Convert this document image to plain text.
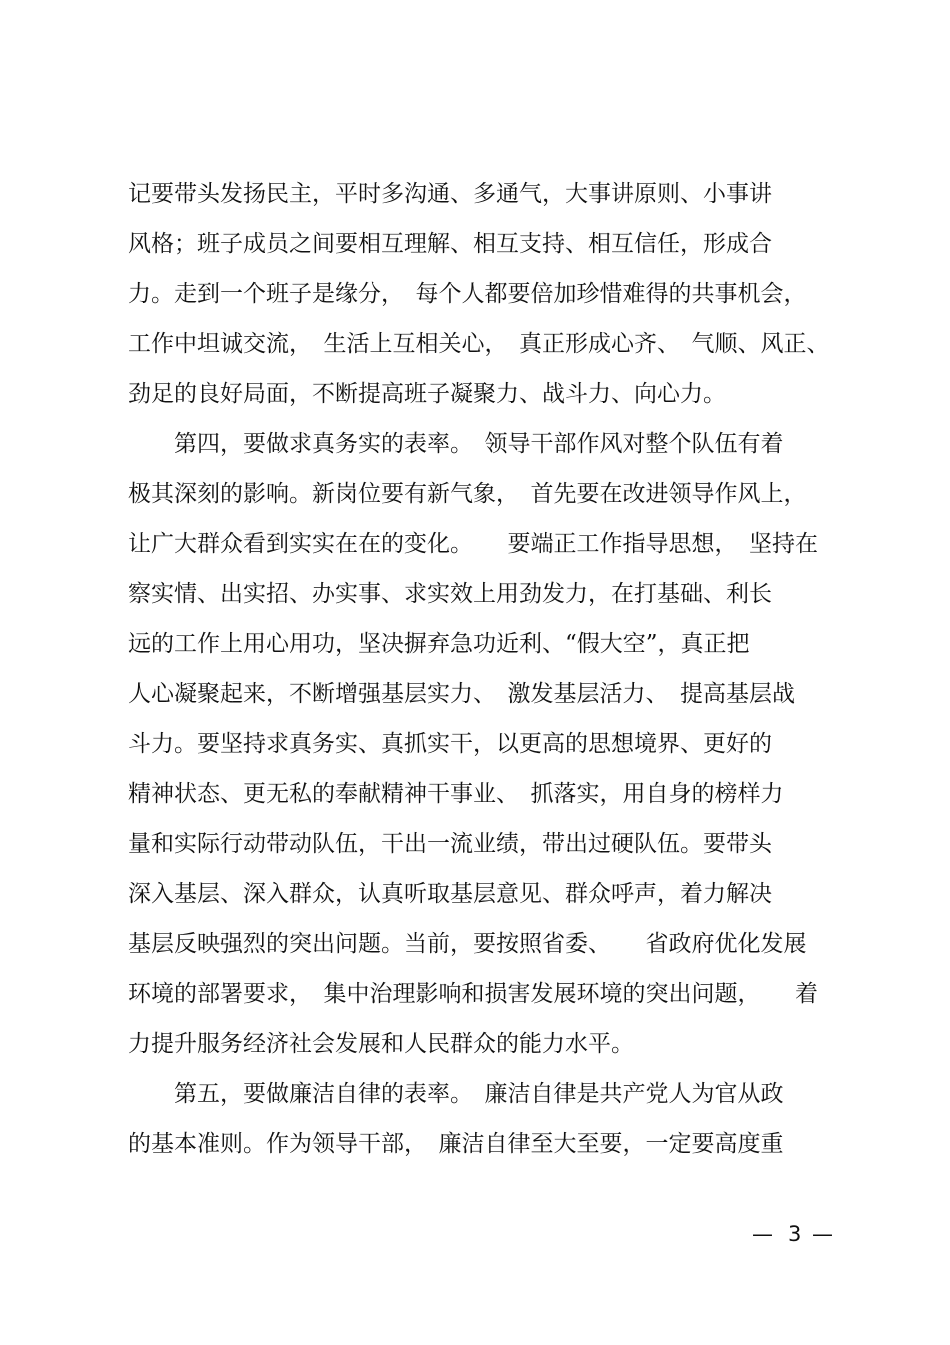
记要带头发扬民主，平时多沟通、多通气，大事讲原则、小事讲
风格；班子成员之间要相互理解、相互支持、相互信任，形成合
力。走到一个班子是缘分，　每个人都要倍加珍惜难得的共事机会，
工作中坦诚交流，　生活上互相关心，　真正形成心齐、　气顺、风正、
劲足的良好局面，不断提高班子凝聚力、战斗力、向心力。
　　第四，要做求真务实的表率。　领导干部作风对整个队伍有着
极其深刻的影响。新岗位要有新气象，　首先要在改进领导作风上，
让广大群众看到实实在在的变化。　　要端正工作指导思想，　坚持在
察实情、出实招、办实事、求实效上用劲发力，在打基础、利长
远的工作上用心用功，坚决摒弃急功近利、“假大空”，真正把
人心凝聚起来，不断增强基层实力、　激发基层活力、　提高基层战
斗力。要坚持求真务实、真抓实干，以更高的思想境界、更好的
精神状态、更无私的奉献精神干事业、　抓落实，用自身的榜样力
量和实际行动带动队伍，干出一流业绩，带出过硬队伍。要带头
深入基层、深入群众，认真听取基层意见、群众呼声，着力解决
基层反映强烈的突出问题。当前，要按照省委、　　省政府优化发展
环境的部署要求，　集中治理影响和损害发展环境的突出问题，　　着
力提升服务经济社会发展和人民群众的能力水平。
　　第五，要做廉洁自律的表率。　廉洁自律是共产党人为官从政
的基本准则。作为领导干部，　廉洁自律至大至要，一定要高度重
— 3 —
